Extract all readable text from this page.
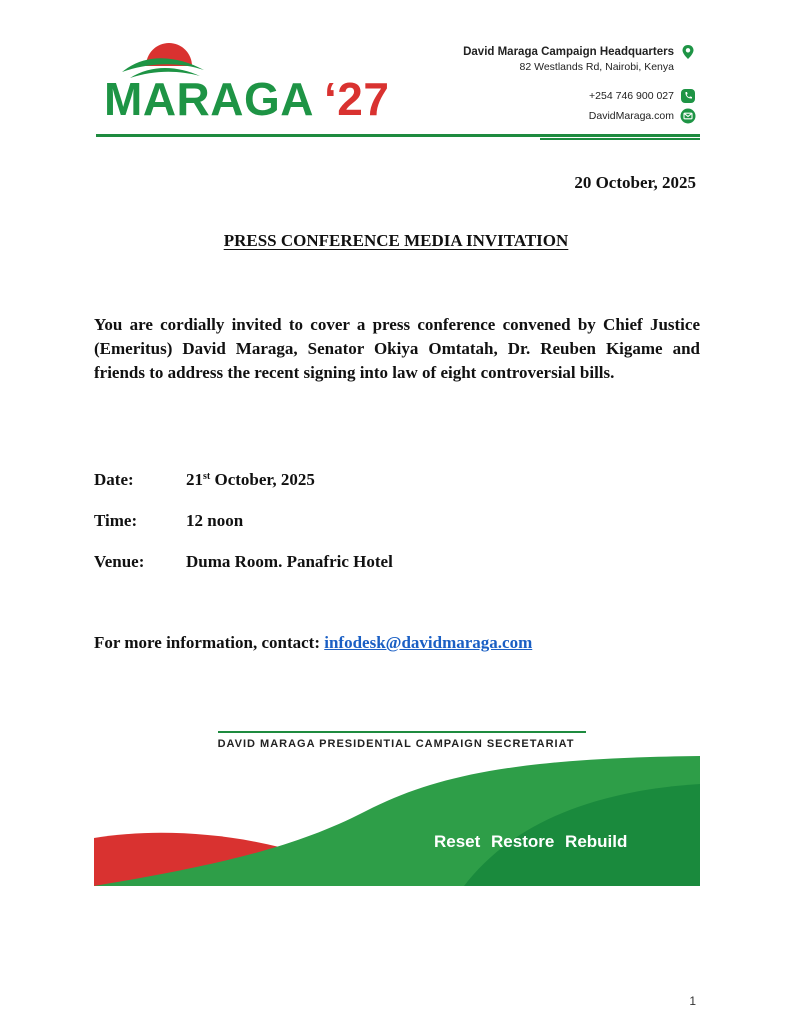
MARAGA ‘27
David Maraga Campaign Headquarters
82 Westlands Rd, Nairobi, Kenya
+254 746 900 027
DavidMaraga.com
20 October, 2025
PRESS CONFERENCE MEDIA INVITATION

You are cordially invited to cover a press conference convened by Chief Justice (Emeritus) David Maraga, Senator Okiya Omtatah, Dr. Reuben Kigame and friends to address the recent signing into law of eight controversial bills.

Date:	21st October, 2025
Time:	12 noon
Venue: Duma Room. Panafric Hotel
For more information, contact: infodesk@davidmaraga.com
DAVID MARAGA PRESIDENTIAL CAMPAIGN SECRETARIAT
Reset Restore Rebuild
1
